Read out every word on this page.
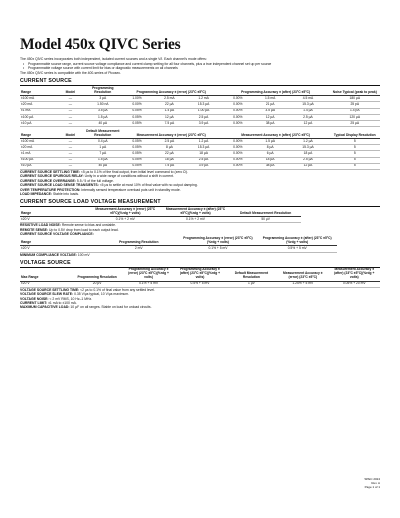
Model 450x QIVC Series
The 450x QIVC series incorporates both independent, isolated current sources and a single V/I. Each channel's mode offers:
• Programmable source range, current source voltage compliance and current clamp setting for all four channels, plus a true independent channel set up per source
• Programmable voltage source with current limit for bias or diagnostic measurements on all channels
The 450x QIVC series is compatible with the 400-series of Picosec.
CURRENT SOURCE
Range	Model	Programming Resolution	Programming Accuracy ± (error) (23°C ±5°C)			Programming Accuracy ± (after) (23°C ±5°C)			Noise Typical (peak to peak)
±100 mA	—	3 µA	1.00%	2.5 mA	1.2 mA	0.00%	1.5 mA	4.5 mA	180 µA
±20 mA	—	1.50 nA	0.00%	22 µA	15.3 µA	0.00%	21 µA	15.3 µA	25 pA
±1 mA	—	3.5 µA	0.05%	1.4 µA	1.00 µA	0.00%	3.5 µA	1.4 µA	1.4 pA
±100 µA	—	1.5 µA	0.05%	12 µA	2.5 µA	0.00%	12 µA	2.5 µA	120 µA
±10 µA	—	40 µA	0.05%	7.5 µA	3.9 µA	0.00%	38 µA	12 µA	25 µA
Range	Model	Default Measurement Resolution	Measurement Accuracy ± (error) (23°C ±5°C)			Measurement Accuracy ± (after) (23°C ±5°C)			Typical Display Resolution
±100 mA	—	0.4 µA	0.05%	2.5 µA	1.2 µA	0.00%	1.5 µA	1.2 µA	5
±20 mA	—	1 µA	0.05%	8 µA	15.3 µA	0.00%	8 µA	15.3 µA	5
±1 mA	—	7 µA	0.05%	22 µA	18 µA	0.00%	6 µA	18 µA	5
±100 µA	—	1.5 µA	0.05%	18 µA	2.5 µA	0.00%	18 µA	2.5 µA	5
±10 µA	—	40 µA	0.05%	7.5 µA	3.9 µA	0.00%	38 µA	12 µA	5
CURRENT SOURCE SETTLING TIME: <5 µs to 0.1% of the final output, from initial level command to (zero Ω).
CURRENT SOURCE SPURIOUS RELAY: Unity in a wide range of conditions without a shift in current.
CURRENT SOURCE OVERRANGE: 5.5 / 5 of the full voltage.
CURRENT SOURCE LOAD SENSE TRANSIENTS: <5 µs to settle at most 10% of final value with no output damping.
OVER TEMPERATURE PROTECTION: Internally sensed temperature overload puts unit in standby mode.
LOAD IMPEDANCE: Stable into loads.
CURRENT SOURCE LOAD VOLTAGE MEASUREMENT
Range	Measurement Accuracy ± (error) (23°C ±5°C)(%rdg + volts)	Measurement Accuracy ± (after) (23°C ±5°C)(%rdg + volts)	Default Measurement Resolution
±20 V	0.1% + 2 mV	0.1% + 2 mV	50 µV
RESISTIVE LOAD NOISE: Remote sense to bias and unstable.
REMOTE SENSE: Up to 0.5V drop from load to each output lead.
CURRENT SOURCE VOLTAGE COMPLIANCE:
Range	Programming Resolution	Programming Accuracy ± (error) (23°C ±5°C)(%rdg + volts)	Programming Accuracy ± (after) (23°C ±5°C)(%rdg + volts)
±20 V	2 mV	0.1% + 5 mV	0.5% + 5 mV
MINIMUM COMPLIANCE VOLTAGE: 100 mV
VOLTAGE SOURCE
Max Range	Programming Resolution	Programming Accuracy ± (error) (23°C ±5°C)(%rdg + volts)	Programming Accuracy ± (after) (23°C ±5°C)(%rdg + volts)	Default Measurement Resolution	Measurement Accuracy ± (error) (23°C ±5°C)	Measurement Accuracy ± (after) (23°C ±5°C)(%rdg + volts)
±20 V	20 µV	0.1% + 5 mV	0.5% + 5 mV	1 µV	1.25% + 5 mV	0.05% + 20 mV
VOLTAGE SOURCE SETTLING TIME: <2 µs to 0.1% of final value from any settled level.
VOLTAGE SOURCE SLEW RATE: 0.35 V/µs typical, 10 V/µs maximum.
VOLTAGE NOISE: < 2 mV RMS, 10 Hz–1 MHz.
CURRENT LIMIT: ±1 mA to ±100 mA.
MAXIMUM CAPACITIVE LOAD: 10 µF on all ranges. Stable on load for unload circuits.
SPEC 2024
Rev. A
Page 1 of 1
